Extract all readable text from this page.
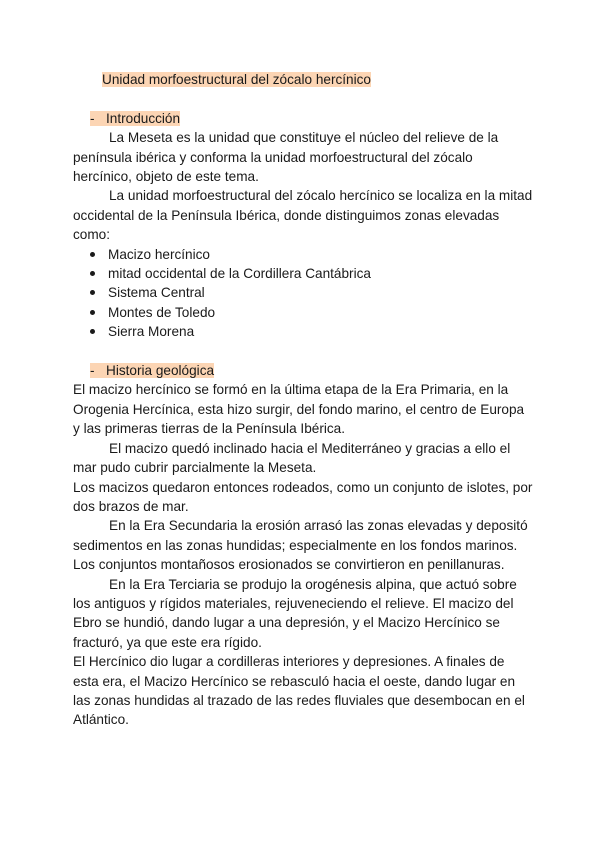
Unidad morfoestructural del zócalo hercínico

- Introducción

La Meseta es la unidad que constituye el núcleo del relieve de la península ibérica y conforma la unidad morfoestructural del zócalo hercínico, objeto de este tema.

La unidad morfoestructural del zócalo hercínico se localiza en la mitad occidental de la Península Ibérica, donde distinguimos zonas elevadas como:

Macizo hercínico
mitad occidental de la Cordillera Cantábrica
Sistema Central
Montes de Toledo
Sierra Morena

- Historia geológica

El macizo hercínico se formó en la última etapa de la Era Primaria, en la Orogenia Hercínica, esta hizo surgir, del fondo marino, el centro de Europa y las primeras tierras de la Península Ibérica.

El macizo quedó inclinado hacia el Mediterráneo y gracias a ello el mar pudo cubrir parcialmente la Meseta.

Los macizos quedaron entonces rodeados, como un conjunto de islotes, por dos brazos de mar.

En la Era Secundaria la erosión arrasó las zonas elevadas y depositó sedimentos en las zonas hundidas; especialmente en los fondos marinos. Los conjuntos montañosos erosionados se convirtieron en penillanuras.

En la Era Terciaria se produjo la orogénesis alpina, que actuó sobre los antiguos y rígidos materiales, rejuveneciendo el relieve. El macizo del Ebro se hundió, dando lugar a una depresión, y el Macizo Hercínico se fracturó, ya que este era rígido.

El Hercínico dio lugar a cordilleras interiores y depresiones. A finales de esta era, el Macizo Hercínico se rebasculó hacia el oeste, dando lugar en las zonas hundidas al trazado de las redes fluviales que desembocan en el Atlántico.
